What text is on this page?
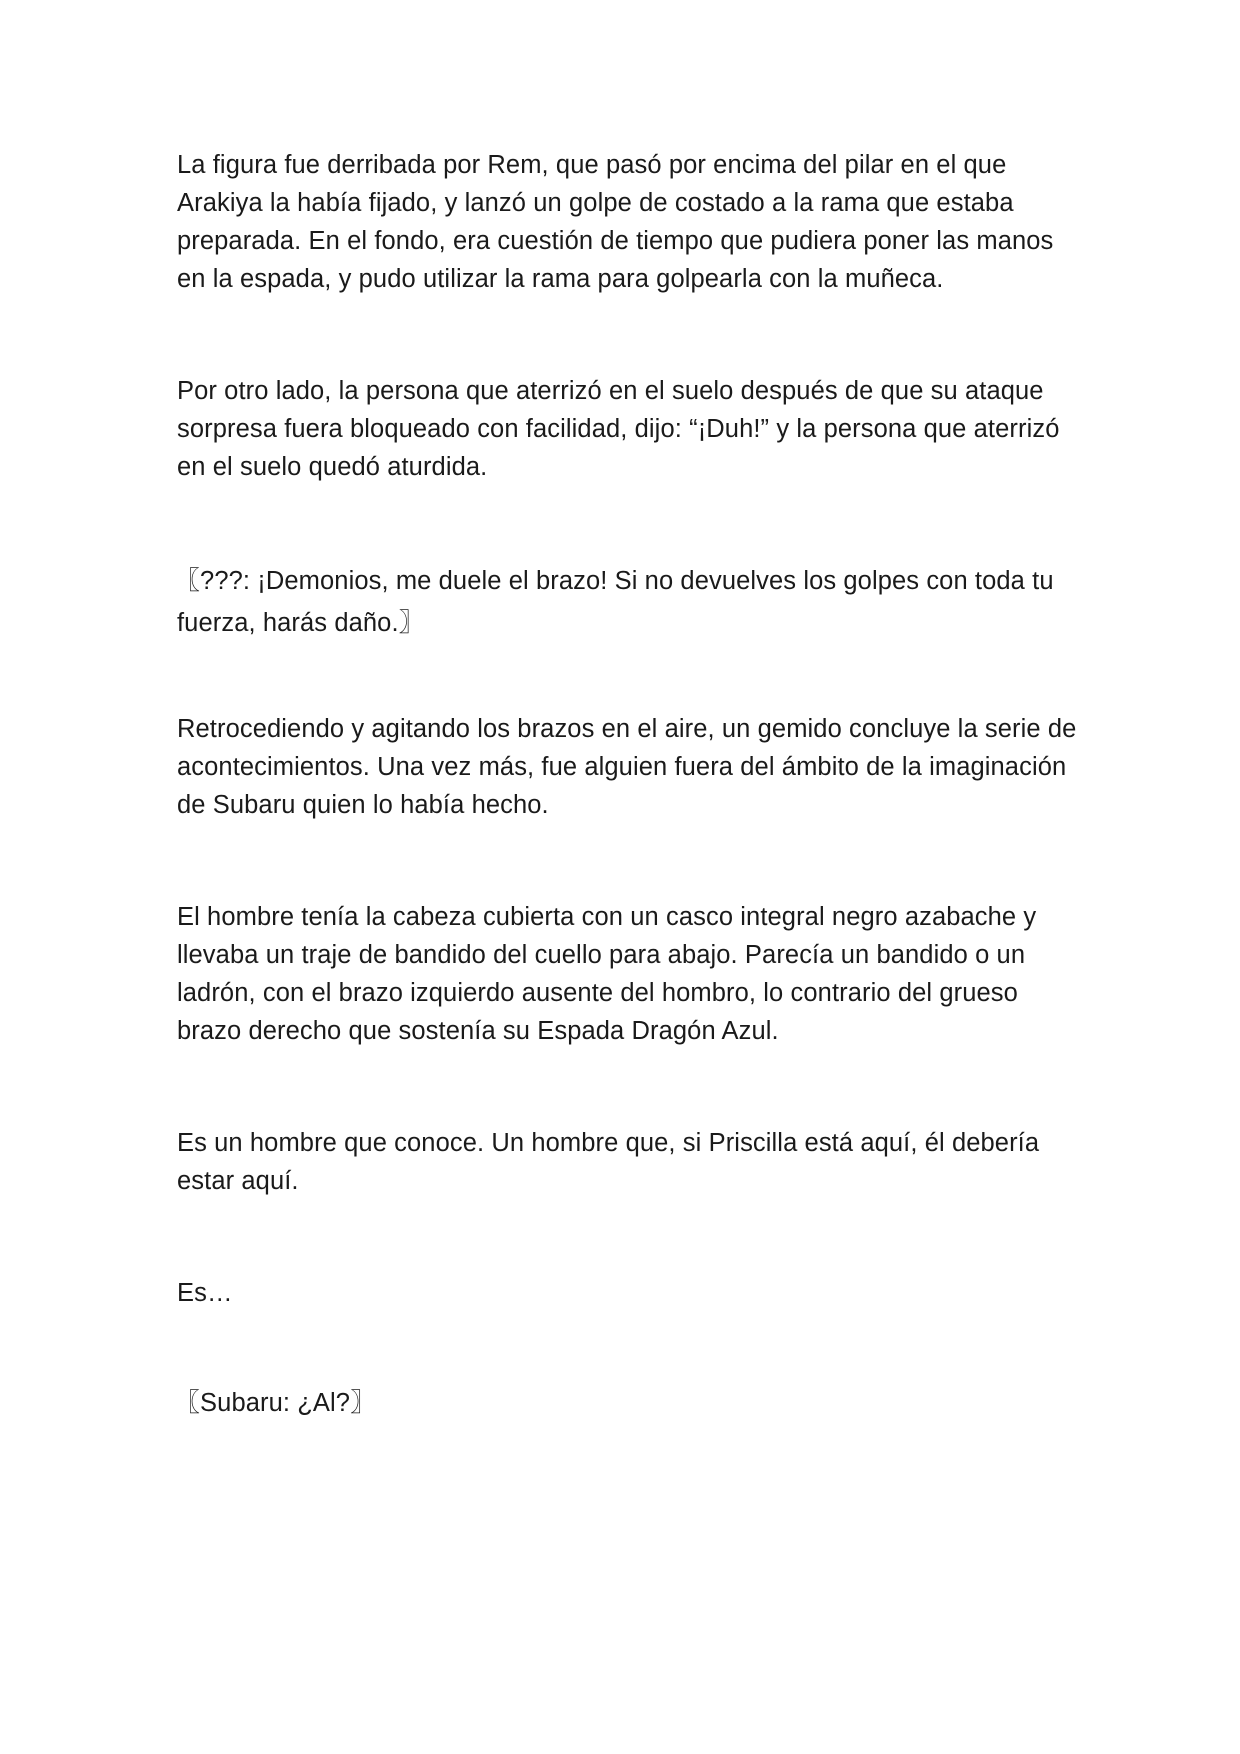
La figura fue derribada por Rem, que pasó por encima del pilar en el que Arakiya la había fijado, y lanzó un golpe de costado a la rama que estaba preparada. En el fondo, era cuestión de tiempo que pudiera poner las manos en la espada, y pudo utilizar la rama para golpearla con la muñeca.

Por otro lado, la persona que aterrizó en el suelo después de que su ataque sorpresa fuera bloqueado con facilidad, dijo: “¡Duh!” y la persona que aterrizó en el suelo quedó aturdida.

〖???: ¡Demonios, me duele el brazo! Si no devuelves los golpes con toda tu fuerza, harás daño.〗

Retrocediendo y agitando los brazos en el aire, un gemido concluye la serie de acontecimientos. Una vez más, fue alguien fuera del ámbito de la imaginación de Subaru quien lo había hecho.

El hombre tenía la cabeza cubierta con un casco integral negro azabache y llevaba un traje de bandido del cuello para abajo. Parecía un bandido o un ladrón, con el brazo izquierdo ausente del hombro, lo contrario del grueso brazo derecho que sostenía su Espada Dragón Azul.

Es un hombre que conoce. Un hombre que, si Priscilla está aquí, él debería estar aquí.

Es…

〖Subaru: ¿Al?〗
